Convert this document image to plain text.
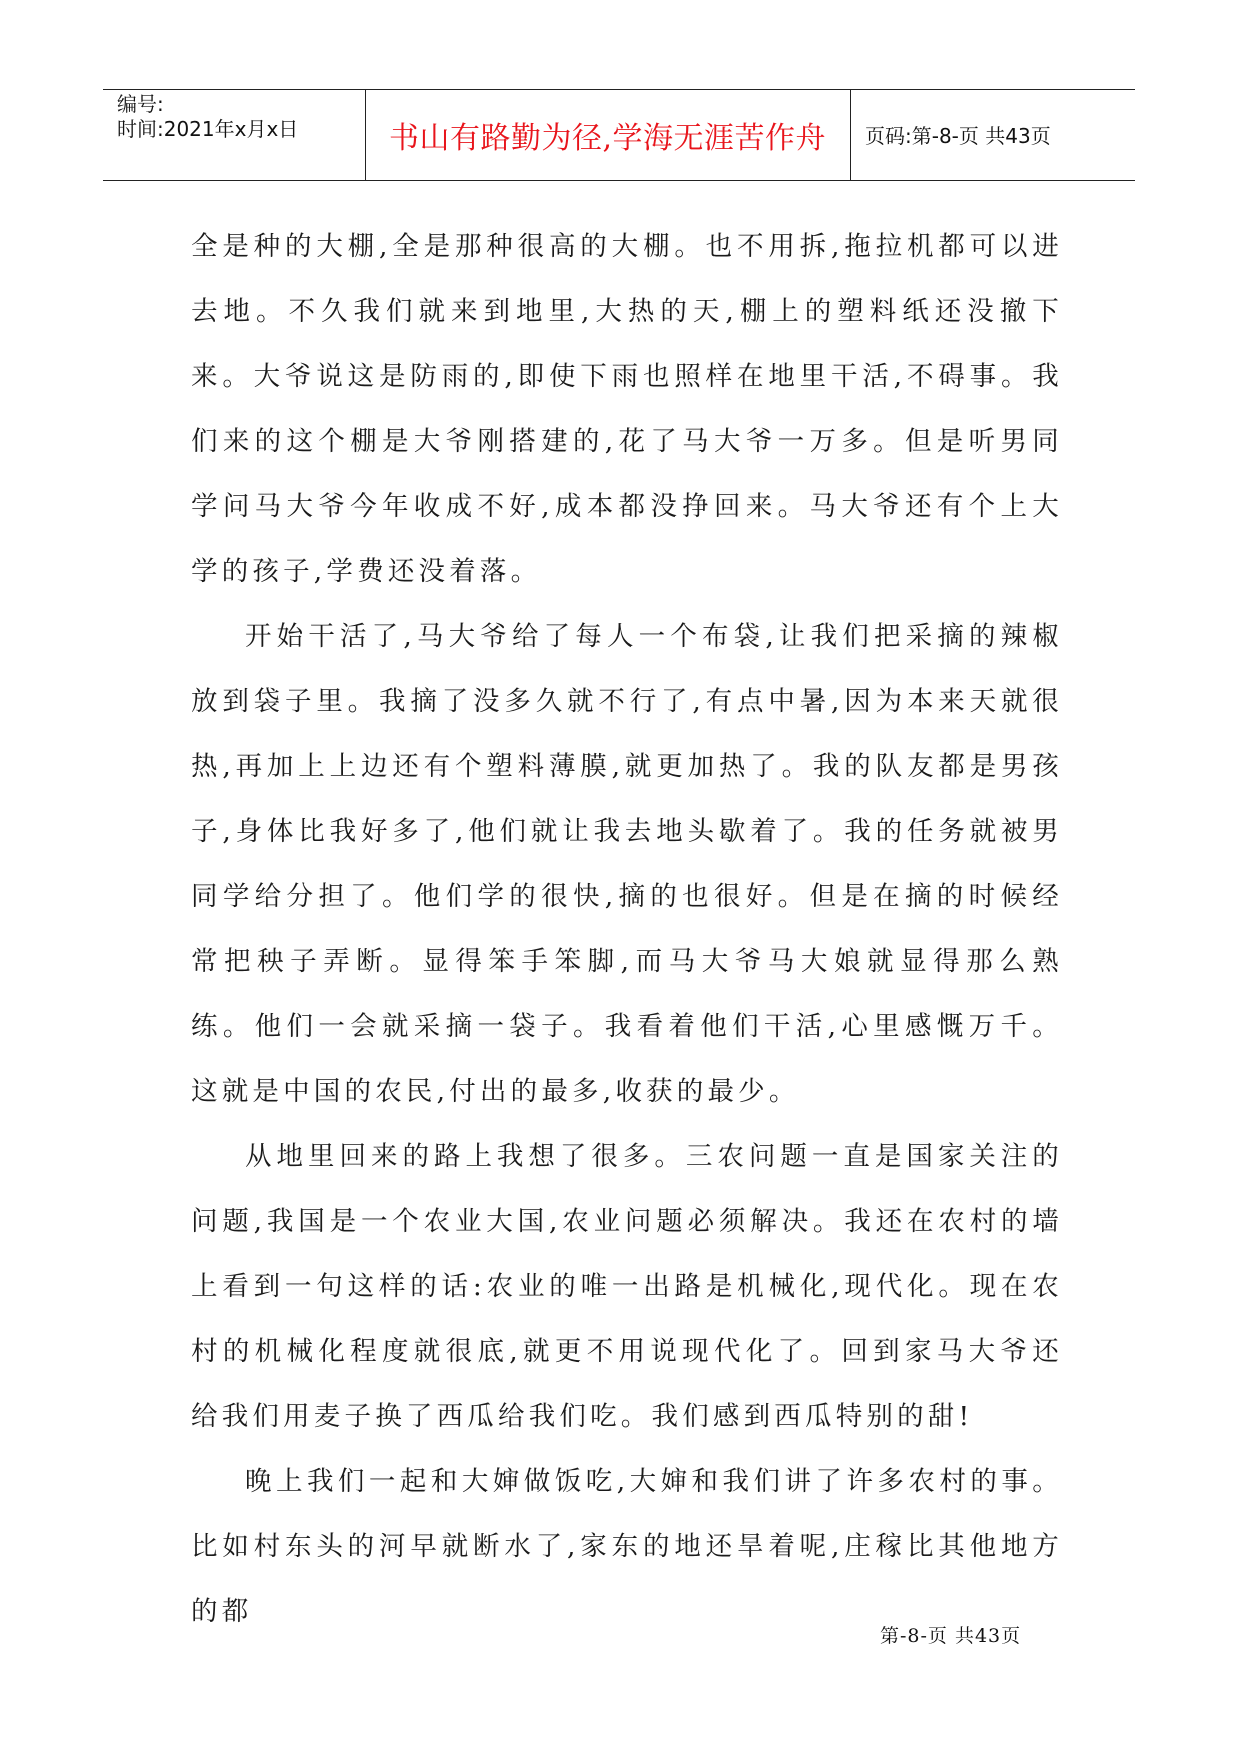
编号:
时间:2021年x月x日	书山有路勤为径,学海无涯苦作舟	页码:第-8-页 共43页

全是种的大棚,全是那种很高的大棚。也不用拆,拖拉机都可以进去地。不久我们就来到地里,大热的天,棚上的塑料纸还没撤下来。大爷说这是防雨的,即使下雨也照样在地里干活,不碍事。我们来的这个棚是大爷刚搭建的,花了马大爷一万多。但是听男同学问马大爷今年收成不好,成本都没挣回来。马大爷还有个上大学的孩子,学费还没着落。

开始干活了,马大爷给了每人一个布袋,让我们把采摘的辣椒放到袋子里。我摘了没多久就不行了,有点中暑,因为本来天就很热,再加上上边还有个塑料薄膜,就更加热了。我的队友都是男孩子,身体比我好多了,他们就让我去地头歇着了。我的任务就被男同学给分担了。他们学的很快,摘的也很好。但是在摘的时候经常把秧子弄断。显得笨手笨脚,而马大爷马大娘就显得那么熟练。他们一会就采摘一袋子。我看着他们干活,心里感慨万千。这就是中国的农民,付出的最多,收获的最少。

从地里回来的路上我想了很多。三农问题一直是国家关注的问题,我国是一个农业大国,农业问题必须解决。我还在农村的墙上看到一句这样的话:农业的唯一出路是机械化,现代化。现在农村的机械化程度就很底,就更不用说现代化了。回到家马大爷还给我们用麦子换了西瓜给我们吃。我们感到西瓜特别的甜!

晚上我们一起和大婶做饭吃,大婶和我们讲了许多农村的事。比如村东头的河早就断水了,家东的地还旱着呢,庄稼比其他地方的都

第-8-页 共43页
